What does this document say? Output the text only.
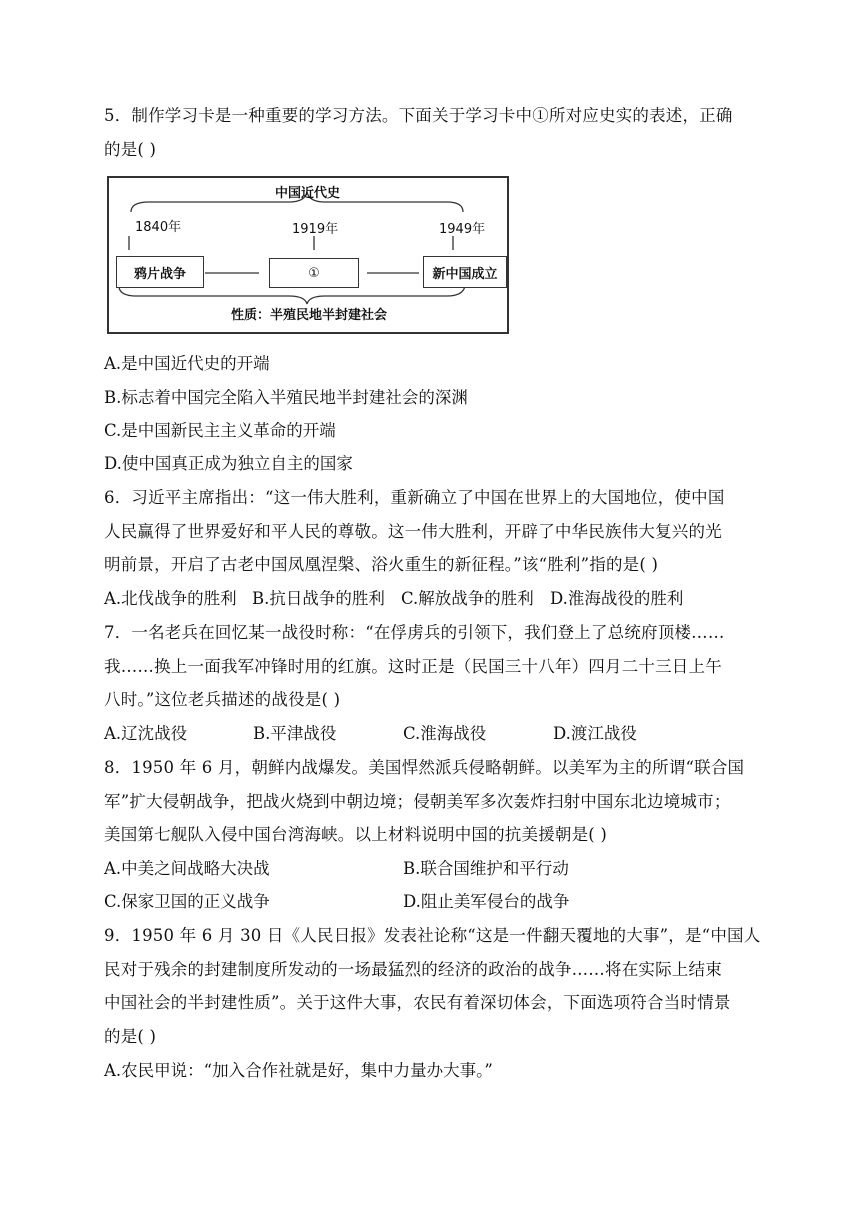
5．制作学习卡是一种重要的学习方法。下面关于学习卡中①所对应史实的表述，正确
的是( )
中国近代史
1840年	1919年	1949年
鸦片战争	①	新中国成立
性质：半殖民地半封建社会
A.是中国近代史的开端
B.标志着中国完全陷入半殖民地半封建社会的深渊
C.是中国新民主主义革命的开端
D.使中国真正成为独立自主的国家
6．习近平主席指出：“这一伟大胜利，重新确立了中国在世界上的大国地位，使中国
人民赢得了世界爱好和平人民的尊敬。这一伟大胜利，开辟了中华民族伟大复兴的光
明前景，开启了古老中国凤凰涅槃、浴火重生的新征程。”该“胜利”指的是( )
A.北伐战争的胜利 B.抗日战争的胜利 C.解放战争的胜利 D.淮海战役的胜利
7．一名老兵在回忆某一战役时称：“在俘虏兵的引领下，我们登上了总统府顶楼……
我……换上一面我军冲锋时用的红旗。这时正是（民国三十八年）四月二十三日上午
八时。”这位老兵描述的战役是( )
A.辽沈战役	B.平津战役	C.淮海战役	D.渡江战役
8．1950 年 6 月，朝鲜内战爆发。美国悍然派兵侵略朝鲜。以美军为主的所谓“联合国
军”扩大侵朝战争，把战火烧到中朝边境；侵朝美军多次轰炸扫射中国东北边境城市；
美国第七舰队入侵中国台湾海峡。以上材料说明中国的抗美援朝是( )
A.中美之间战略大决战	B.联合国维护和平行动
C.保家卫国的正义战争	D.阻止美军侵台的战争
9．1950 年 6 月 30 日《人民日报》发表社论称“这是一件翻天覆地的大事”，是“中国人
民对于残余的封建制度所发动的一场最猛烈的经济的政治的战争……将在实际上结束
中国社会的半封建性质”。关于这件大事，农民有着深切体会，下面选项符合当时情景
的是( )
A.农民甲说：“加入合作社就是好，集中力量办大事。”
